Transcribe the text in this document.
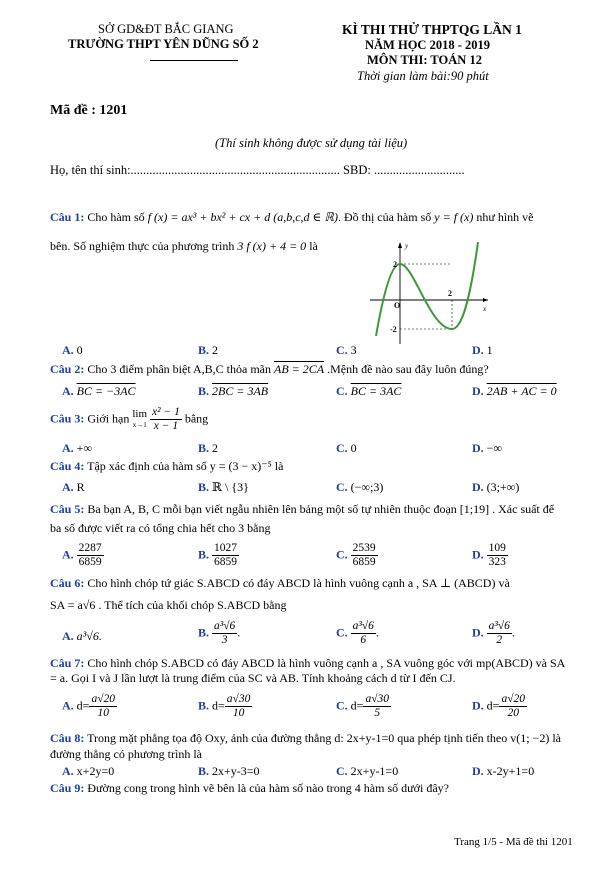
SỞ GD&ĐT BẮC GIANG
TRƯỜNG THPT YÊN DŨNG SỐ 2
KÌ THI THỬ THPTQG LẦN 1
NĂM HỌC 2018 - 2019
MÔN THI: TOÁN 12
Thời gian làm bài:90 phút
Mã đề : 1201
(Thí sinh không được sử dụng tài liệu)
Họ, tên thí sinh:................................................................... SBD: .............................
Câu 1: Cho hàm số f (x) = ax³ + bx² + cx + d (a,b,c,d ∈ ℝ). Đồ thị của hàm số y = f (x) như hình vẽ
bên. Số nghiệm thực của phương trình 3 f (x) + 4 = 0 là	y
x
O
2
-2
2
A. 0	B. 2	C. 3	D. 1
Câu 2: Cho 3 điểm phân biệt A,B,C thỏa mãn AB = 2CA .Mệnh đề nào sau đây luôn đúng?
A. BC = −3AC	B. 2BC = 3AB	C. BC = 3AC	D. 2AB + AC = 0
Câu 3: Giới hạn lim
x→1
$\frac{\text{x² − 1}}{x - 1}$ bằng
A. +∞	B. 2	C. 0	D. −∞
Câu 4: Tập xác định của hàm số y = (3 − x)⁻⁵ là
A. R	B. ℝ \ {3}	C. (−∞;3)	D. (3;+∞)
Câu 5: Ba bạn A, B, C mỗi bạn viết ngẫu nhiên lên bảng một số tự nhiên thuộc đoạn [1;19] . Xác suất để
ba số được viết ra có tổng chia hết cho 3 bằng
A. $\frac{2287}{6859}$	B. $\frac{1027}{6859}$	C. $\frac{2539}{6859}$	D. $\frac{109}{323}$
Câu 6: Cho hình chóp tứ giác S.ABCD có đáy ABCD là hình vuông cạnh a , SA ⊥ (ABCD) và
SA = a√6 . Thể tích của khối chóp S.ABCD bằng
A. a³√6.	B. $\frac{\text{a³√6}}{3}$ .	C. $\frac{\text{a³√6}}{6}$ .	D. $\frac{\text{a³√6}}{2}$ .
Câu 7: Cho hình chóp S.ABCD có đáy ABCD là hình vuông cạnh a , SA vuông góc với mp(ABCD) và SA
= a. Gọi I và J lần lượt là trung điểm của SC và AB. Tính khoảng cách d từ I đến CJ.
A. $d= \frac{a√20}{10}$	B. $d= \frac{a√30}{10}$	C. $d= \frac{a√30}{5}$	D. $d= \frac{a√20}{20}$
Câu 8: Trong mặt phẳng tọa độ Oxy, ảnh của đường thẳng d: 2x+y-1=0 qua phép tịnh tiến theo v(1; −2) là
đường thẳng có phương trình là
A. x+2y=0	B. 2x+y-3=0	C. 2x+y-1=0	D. x-2y+1=0
Câu 9: Đường cong trong hình vẽ bên là của hàm số nào trong 4 hàm số dưới đây?
Trang 1/5 - Mã đề thi 1201
